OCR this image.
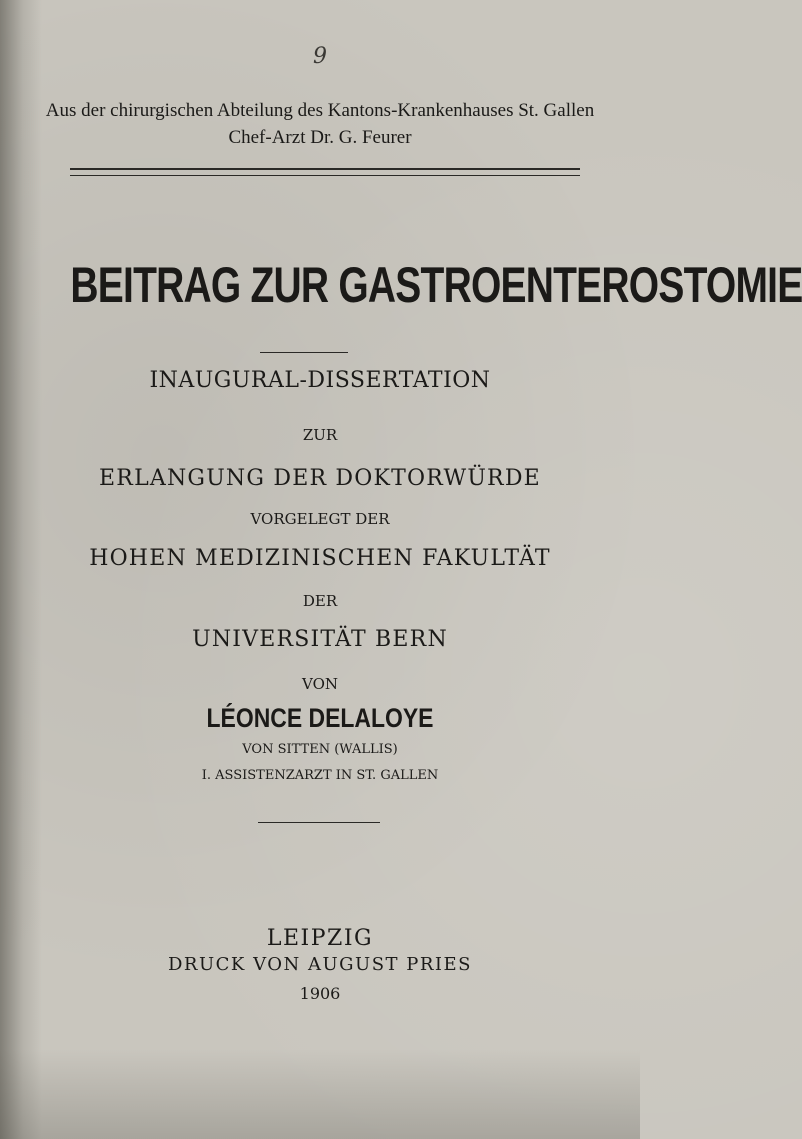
9
Aus der chirurgischen Abteilung des Kantons-Krankenhauses St. Gallen
Chef-Arzt Dr. G. Feurer
BEITRAG ZUR GASTROENTEROSTOMIE
INAUGURAL-DISSERTATION
ZUR
ERLANGUNG DER DOKTORWÜRDE
VORGELEGT DER
HOHEN MEDIZINISCHEN FAKULTÄT
DER
UNIVERSITÄT BERN
VON
LÉONCE DELALOYE
VON SITTEN (WALLIS)
I. ASSISTENZARZT IN ST. GALLEN
LEIPZIG
DRUCK VON AUGUST PRIES
1906
